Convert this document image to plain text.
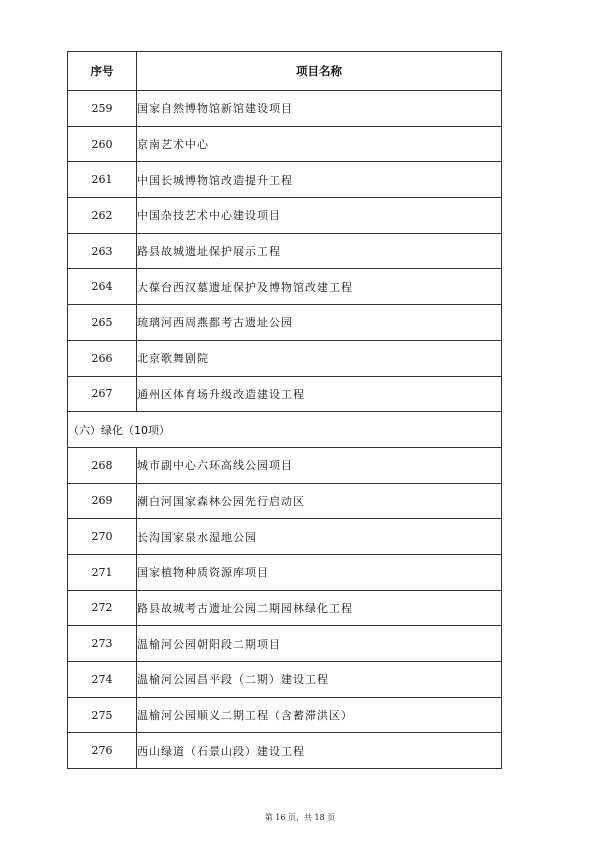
序号	项目名称
259	国家自然博物馆新馆建设项目
260	京南艺术中心
261	中国长城博物馆改造提升工程
262	中国杂技艺术中心建设项目
263	路县故城遗址保护展示工程
264	大葆台西汉墓遗址保护及博物馆改建工程
265	琉璃河西周燕都考古遗址公园
266	北京歌舞剧院
267	通州区体育场升级改造建设工程
（六）绿化（10项）	
268	城市副中心六环高线公园项目
269	潮白河国家森林公园先行启动区
270	长沟国家泉水湿地公园
271	国家植物种质资源库项目
272	路县故城考古遗址公园二期园林绿化工程
273	温榆河公园朝阳段二期项目
274	温榆河公园昌平段（二期）建设工程
275	温榆河公园顺义二期工程（含蓄滞洪区）
276	西山绿道（石景山段）建设工程
第 16 页，共 18 页
